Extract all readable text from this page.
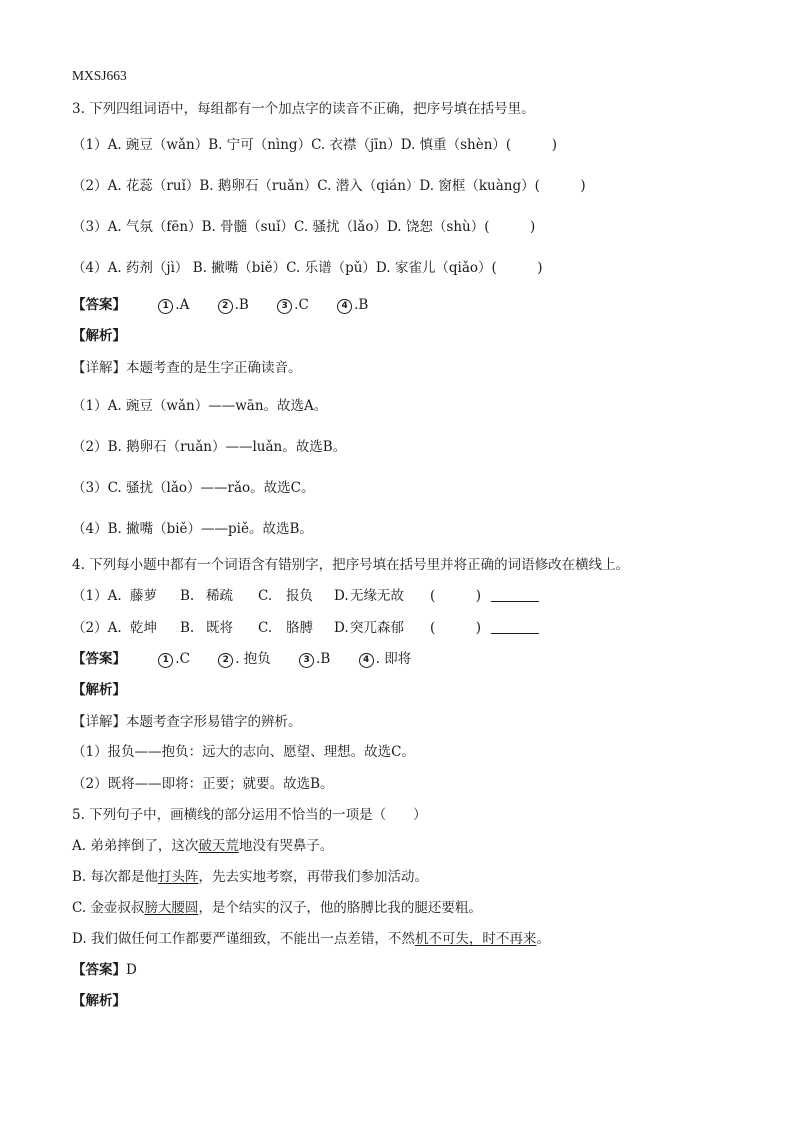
MXSJ663
3. 下列四组词语中，每组都有一个加点字的读音不正确，把序号填在括号里。
（1）A. 豌豆（wǎn）B. 宁可（nìng）C. 衣襟（jīn）D. 慎重（shèn）(　　　)
（2）A. 花蕊（ruǐ）B. 鹅卵石（ruǎn）C. 潜入（qián）D. 窗框（kuàng）(　　　)
（3）A. 气氛（fēn）B. 骨髓（suǐ）C. 骚扰（lǎo）D. 饶恕（shù）(　　　)
（4）A. 药剂（jì） B. 撇嘴（biě）C. 乐谱（pǔ）D. 家雀儿（qiǎo）(　　　)
【答案】	1 .A	2 .B	3 .C	4 .B
【解析】
【详解】本题考查的是生字正确读音。
（1）A. 豌豆（wǎn）——wān。故选A。
（2）B. 鹅卵石（ruǎn）——luǎn。故选B。
（3）C. 骚扰（lǎo）——rǎo。故选C。
（4）B. 撇嘴（biě）——piě。故选B。
4. 下列每小题中都有一个词语含有错别字，把序号填在括号里并将正确的词语修改在横线上。
（1）A. 藤萝 B. 稀疏 C. 报负 D.无缘无故 (　　　)
（2）A. 乾坤 B. 既将 C. 胳膊 D.突兀森郁 (　　　)
【答案】	1 .C	2 . 抱负	3 .B	4 . 即将
【解析】
【详解】本题考查字形易错字的辨析。
（1）报负——抱负：远大的志向、愿望、理想。故选C。
（2）既将——即将：正要；就要。故选B。
5. 下列句子中，画横线的部分运用不恰当的一项是（　　）
A. 弟弟摔倒了，这次破天荒地没有哭鼻子。
B. 每次都是他打头阵，先去实地考察，再带我们参加活动。
C. 金壶叔叔膀大腰圆，是个结实的汉子，他的胳膊比我的腿还要粗。
D. 我们做任何工作都要严谨细致，不能出一点差错，不然机不可失，时不再来。
【答案】D
【解析】
